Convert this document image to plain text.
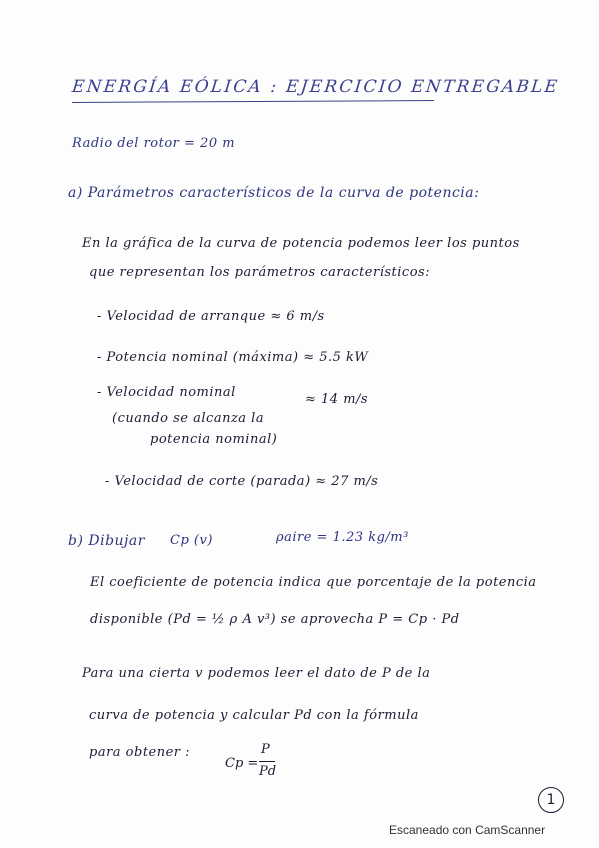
ENERGÍA EÓLICA : EJERCICIO ENTREGABLE
Radio del rotor = 20 m
a) Parámetros característicos de la curva de potencia:
En la gráfica de la curva de potencia podemos leer los puntos
que representan los parámetros característicos:
- Velocidad de arranque ≈ 6 m/s
- Potencia nominal (máxima) ≈ 5.5 kW
- Velocidad nominal	≈ 14 m/s
(cuando se alcanza la
potencia nominal)
- Velocidad de corte (parada) ≈ 27 m/s
b) Dibujar Cp (v)	ρaire = 1.23 kg/m³
El coeficiente de potencia indica que porcentaje de la potencia
disponible (Pd = ½ ρ A v³) se aprovecha P = Cp · Pd
Para una cierta v podemos leer el dato de P de la
curva de potencia y calcular Pd con la fórmula
para obtener :
Cp =
P
Pd
1
Escaneado con CamScanner
